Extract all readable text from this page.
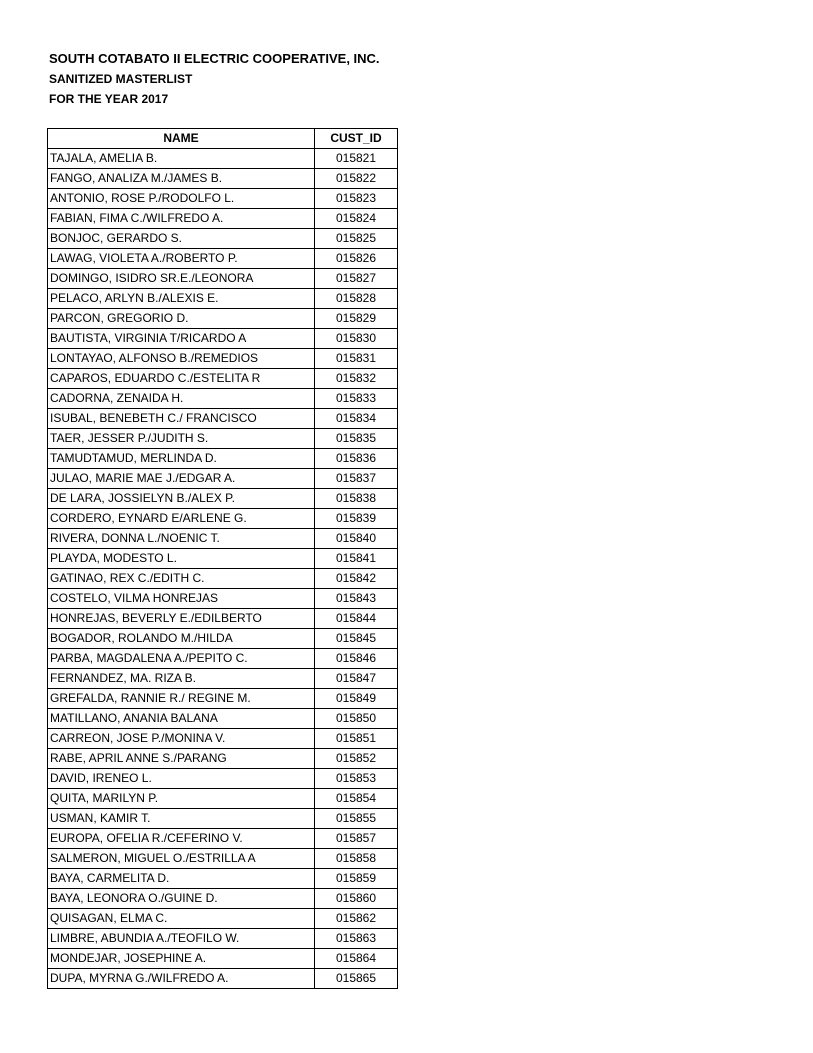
SOUTH COTABATO II ELECTRIC COOPERATIVE, INC.
SANITIZED MASTERLIST
FOR THE YEAR 2017
NAME	CUST_ID
TAJALA, AMELIA B.	015821
FANGO, ANALIZA M./JAMES B.	015822
ANTONIO, ROSE P./RODOLFO L.	015823
FABIAN, FIMA C./WILFREDO A.	015824
BONJOC, GERARDO S.	015825
LAWAG, VIOLETA A./ROBERTO P.	015826
DOMINGO, ISIDRO SR.E./LEONORA	015827
PELACO, ARLYN B./ALEXIS E.	015828
PARCON, GREGORIO D.	015829
BAUTISTA, VIRGINIA T/RICARDO A	015830
LONTAYAO, ALFONSO B./REMEDIOS	015831
CAPAROS, EDUARDO C./ESTELITA R	015832
CADORNA, ZENAIDA H.	015833
ISUBAL, BENEBETH C./ FRANCISCO	015834
TAER, JESSER P./JUDITH S.	015835
TAMUDTAMUD, MERLINDA D.	015836
JULAO, MARIE MAE J./EDGAR A.	015837
DE LARA, JOSSIELYN B./ALEX P.	015838
CORDERO, EYNARD E/ARLENE G.	015839
RIVERA, DONNA L./NOENIC T.	015840
PLAYDA, MODESTO L.	015841
GATINAO, REX C./EDITH C.	015842
COSTELO, VILMA HONREJAS	015843
HONREJAS, BEVERLY E./EDILBERTO	015844
BOGADOR, ROLANDO M./HILDA	015845
PARBA, MAGDALENA A./PEPITO C.	015846
FERNANDEZ, MA. RIZA B.	015847
GREFALDA, RANNIE R./ REGINE M.	015849
MATILLANO, ANANIA BALANA	015850
CARREON, JOSE P./MONINA V.	015851
RABE, APRIL ANNE S./PARANG	015852
DAVID, IRENEO L.	015853
QUITA, MARILYN P.	015854
USMAN, KAMIR T.	015855
EUROPA, OFELIA R./CEFERINO V.	015857
SALMERON, MIGUEL O./ESTRILLA A	015858
BAYA, CARMELITA D.	015859
BAYA, LEONORA O./GUINE D.	015860
QUISAGAN, ELMA C.	015862
LIMBRE, ABUNDIA A./TEOFILO W.	015863
MONDEJAR, JOSEPHINE A.	015864
DUPA, MYRNA G./WILFREDO A.	015865
